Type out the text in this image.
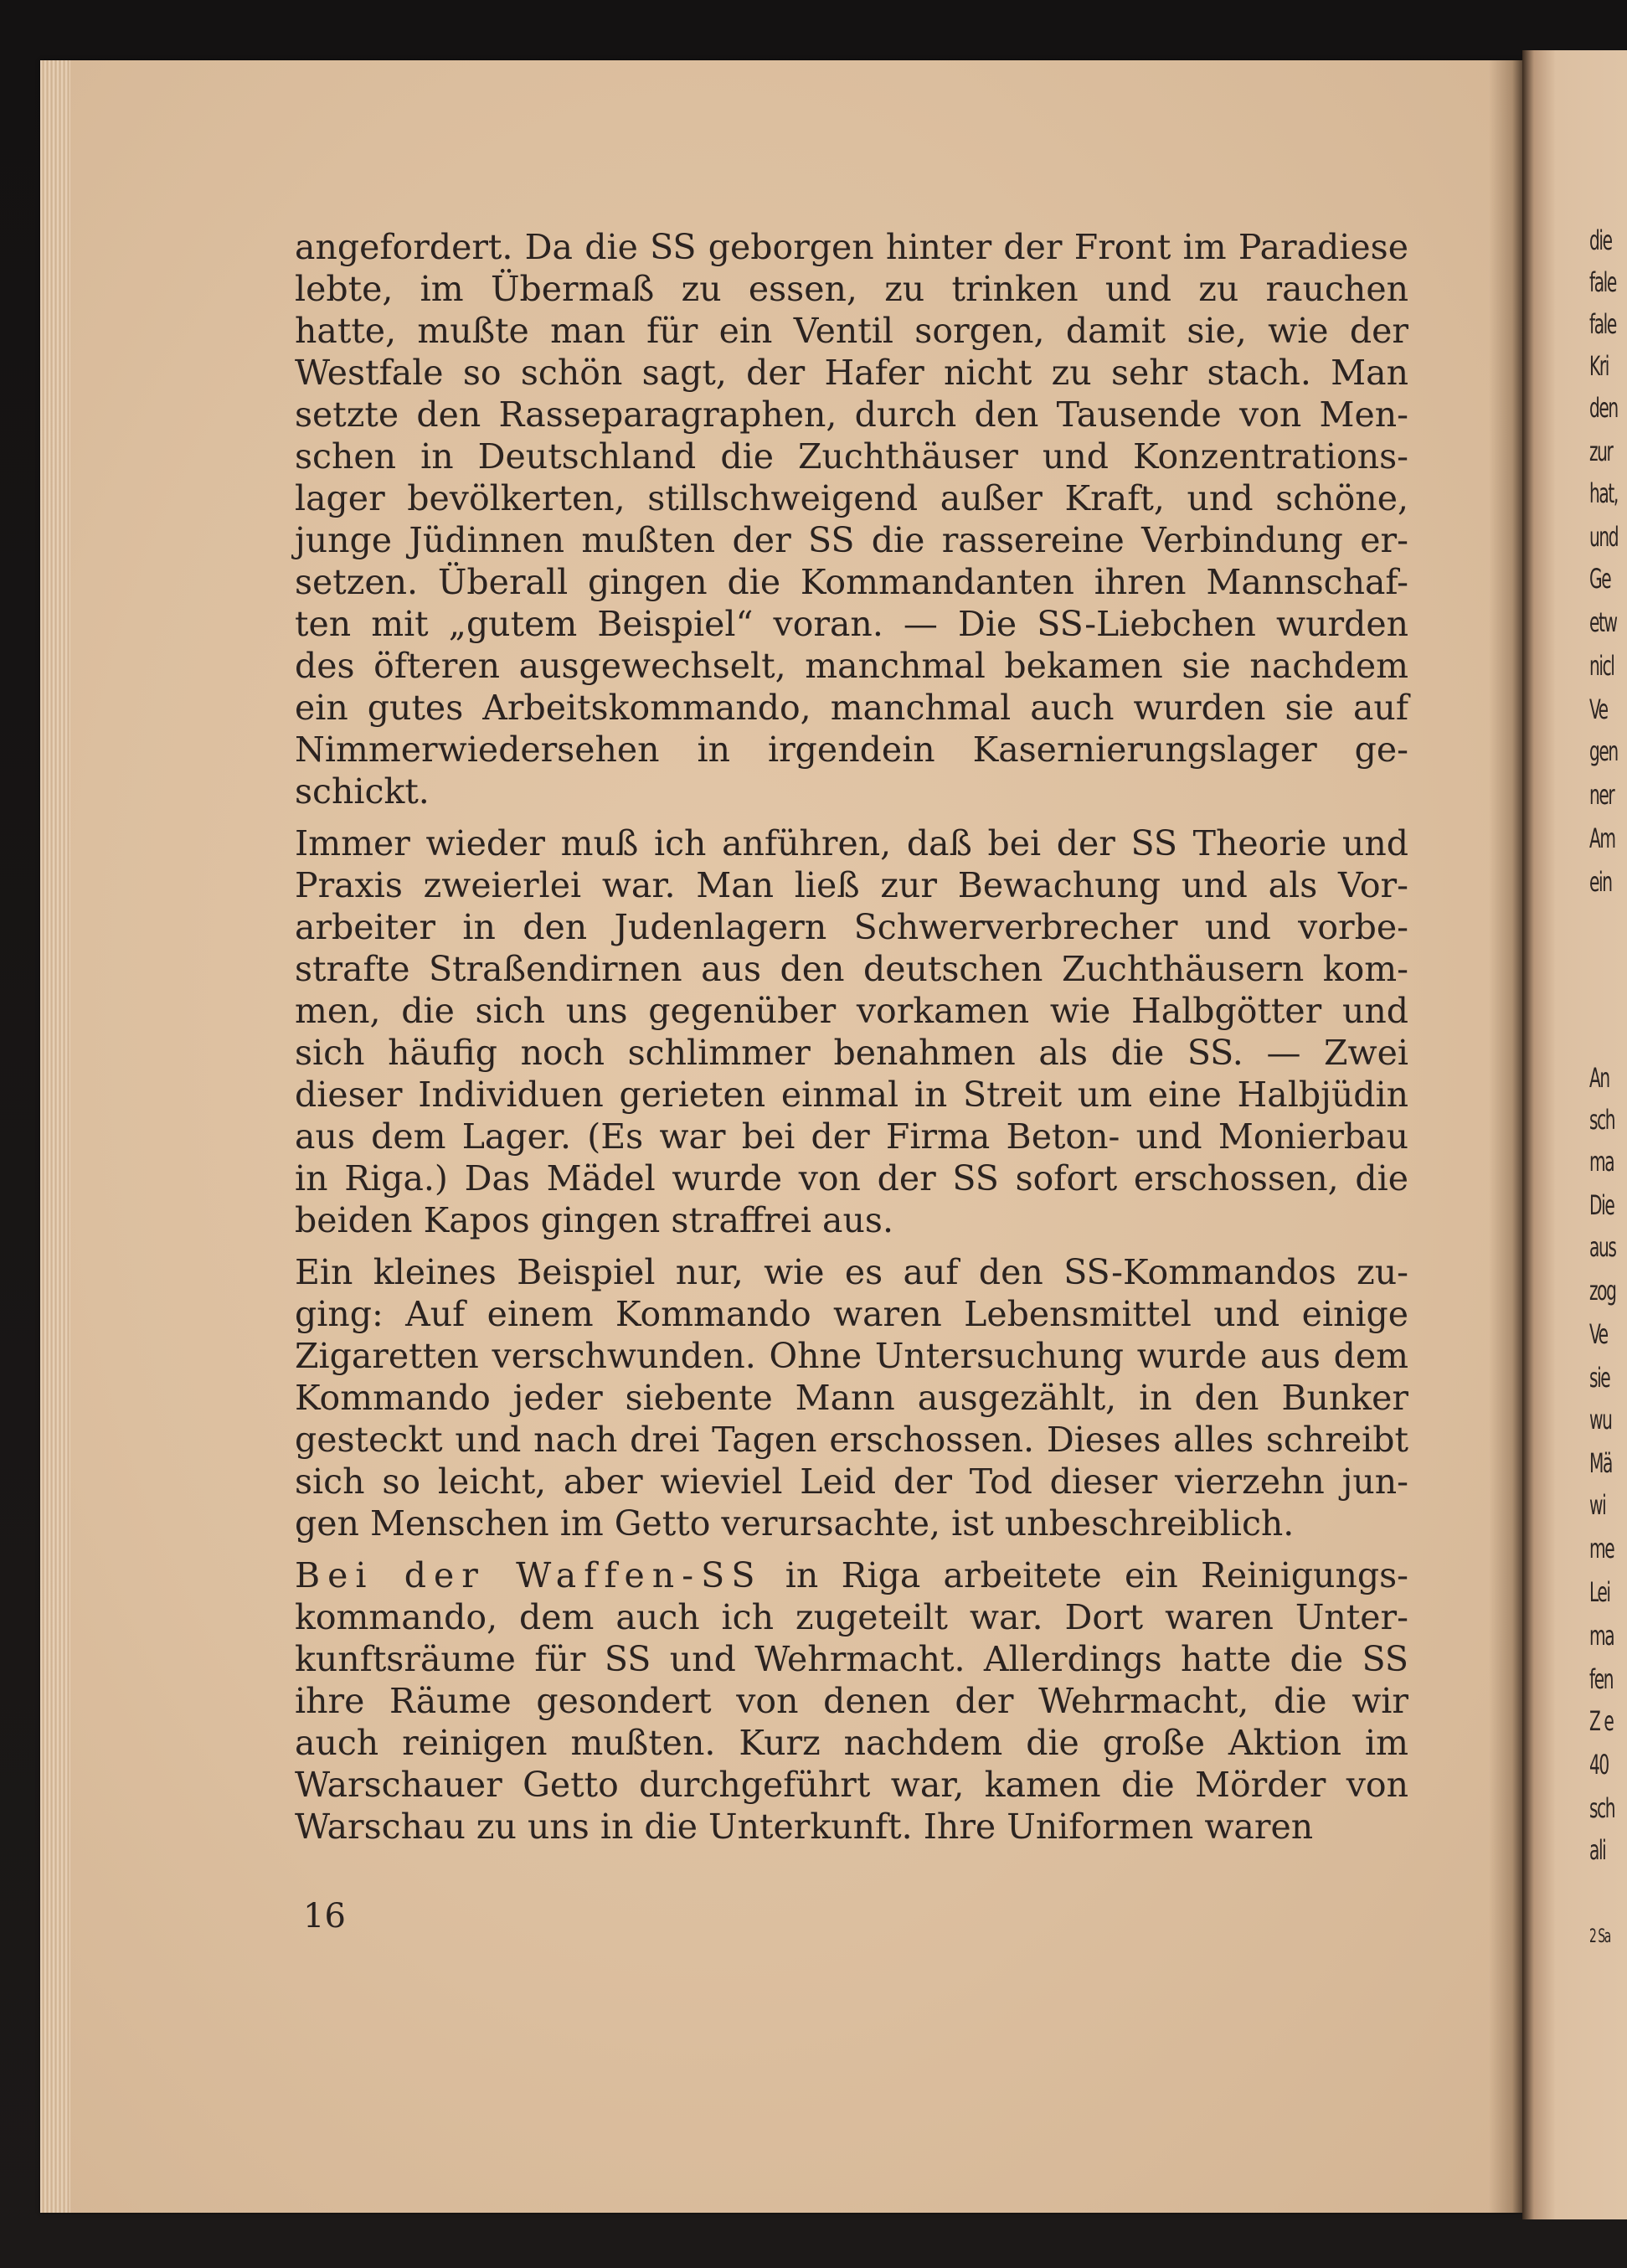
angefordert. Da die SS geborgen hinter der Front im Paradiese
lebte, im Übermaß zu essen, zu trinken und zu rauchen
hatte, mußte man für ein Ventil sorgen, damit sie, wie der
Westfale so schön sagt, der Hafer nicht zu sehr stach. Man
setzte den Rasseparagraphen, durch den Tausende von Men-
schen in Deutschland die Zuchthäuser und Konzentrations-
lager bevölkerten, stillschweigend außer Kraft, und schöne,
junge Jüdinnen mußten der SS die rassereine Verbindung er-
setzen. Überall gingen die Kommandanten ihren Mannschaf-
ten mit „gutem Beispiel“ voran. — Die SS-Liebchen wurden
des öfteren ausgewechselt, manchmal bekamen sie nachdem
ein gutes Arbeitskommando, manchmal auch wurden sie auf
Nimmerwiedersehen in irgendein Kasernierungslager ge-
schickt.
Immer wieder muß ich anführen, daß bei der SS Theorie und
Praxis zweierlei war. Man ließ zur Bewachung und als Vor-
arbeiter in den Judenlagern Schwerverbrecher und vorbe-
strafte Straßendirnen aus den deutschen Zuchthäusern kom-
men, die sich uns gegenüber vorkamen wie Halbgötter und
sich häufig noch schlimmer benahmen als die SS. — Zwei
dieser Individuen gerieten einmal in Streit um eine Halbjüdin
aus dem Lager. (Es war bei der Firma Beton- und Monierbau
in Riga.) Das Mädel wurde von der SS sofort erschossen, die
beiden Kapos gingen straffrei aus.
Ein kleines Beispiel nur, wie es auf den SS-Kommandos zu-
ging: Auf einem Kommando waren Lebensmittel und einige
Zigaretten verschwunden. Ohne Untersuchung wurde aus dem
Kommando jeder siebente Mann ausgezählt, in den Bunker
gesteckt und nach drei Tagen erschossen. Dieses alles schreibt
sich so leicht, aber wieviel Leid der Tod dieser vierzehn jun-
gen Menschen im Getto verursachte, ist unbeschreiblich.
Bei der Waffen-SS in Riga arbeitete ein Reinigungs-
kommando, dem auch ich zugeteilt war. Dort waren Unter-
kunftsräume für SS und Wehrmacht. Allerdings hatte die SS
ihre Räume gesondert von denen der Wehrmacht, die wir
auch reinigen mußten. Kurz nachdem die große Aktion im
Warschauer Getto durchgeführt war, kamen die Mörder von
Warschau zu uns in die Unterkunft. Ihre Uniformen waren
16
die
fale
fale
Kri
den
zur
hat,
und
Ge
etw
nicl
Ve
gen
ner
Am
ein
An
sch
ma
Die
aus
zog
Ve
sie
wu
Mä
wi
me
Lei
ma
fen
Z e
40
sch
ali
2 Sa
